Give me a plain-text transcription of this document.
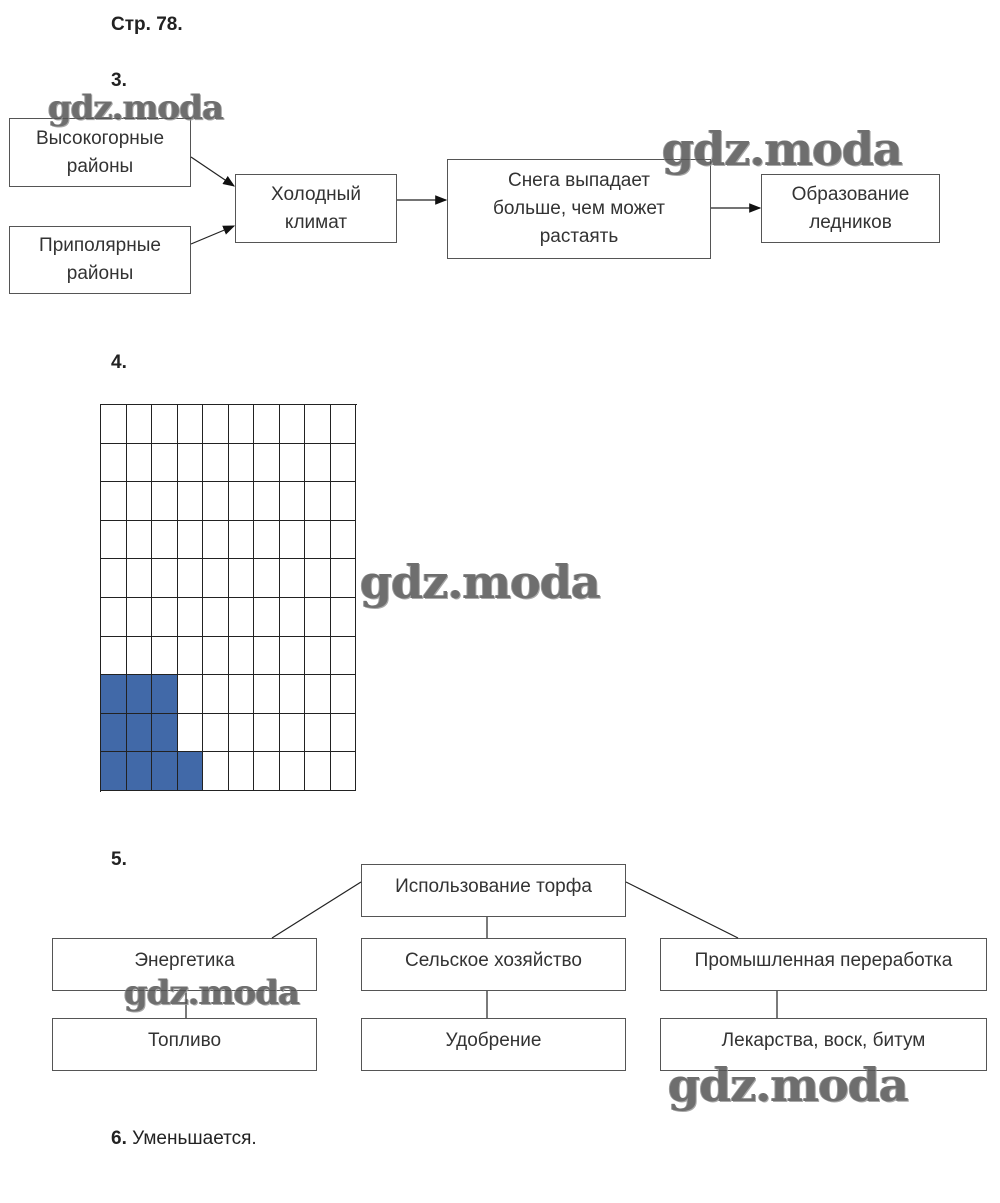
Стр. 78.
3.
Высокогорные
районы
Приполярные
районы
Холодный
климат
Снега выпадает
больше, чем может
растаять
Образование
ледников
4.
5.
Использование торфа
Энергетика	Сельское хозяйство	Промышленная переработка
Топливо	Удобрение	Лекарства, воск, битум
6. Уменьшается.
gdz.moda
gdz.moda
gdz.moda
gdz.moda
gdz.moda
